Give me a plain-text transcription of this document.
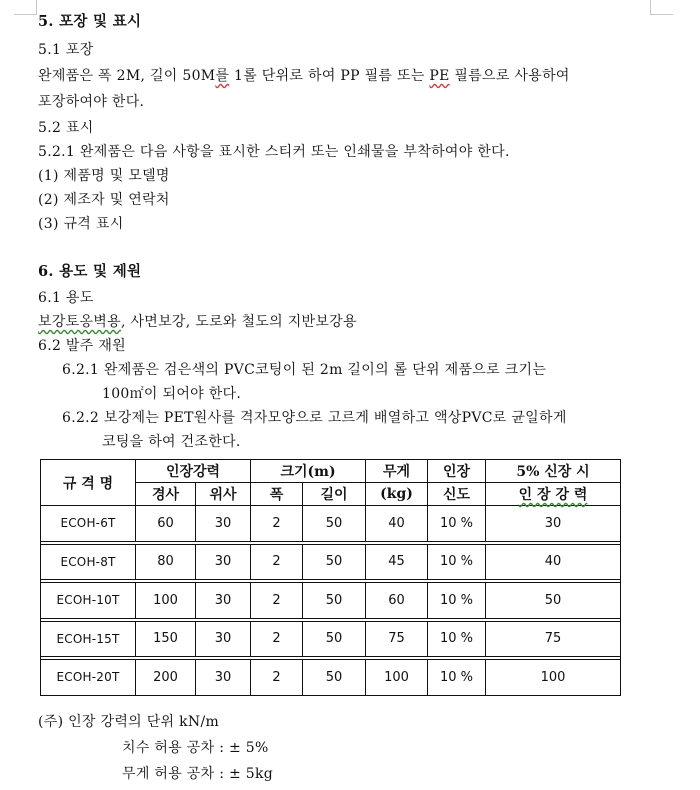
5. 포장 및 표시
5.1 포장
완제품은 폭 2M, 길이 50M를 1롤 단위로 하여 PP 필름 또는 PE 필름으로 사용하여
포장하여야 한다.
5.2 표시
5.2.1 완제품은 다음 사항을 표시한 스티커 또는 인쇄물을 부착하여야 한다.
(1) 제품명 및 모델명
(2) 제조자 및 연락처
(3) 규격 표시
6. 용도 및 제원
6.1 용도
보강토옹벽용, 사면보강, 도로와 철도의 지반보강용
6.2 발주 재원
6.2.1 완제품은 검은색의 PVC코팅이 된 2m 길이의 롤 단위 제품으로 크기는
100㎡이 되어야 한다.
6.2.2 보강제는 PET원사를 격자모양으로 고르게 배열하고 액상PVC로 균일하게
코팅을 하여 건조한다.
규 격 명	인장강력		크기(m)		무게	인장	5% 신장 시
	경사	위사	폭	길이	(kg)	신도	인 장 강 력
ECOH-6T	60	30	2	50	40	10 %	30

ECOH-8T	80	30	2	50	45	10 %	40

ECOH-10T	100	30	2	50	60	10 %	50

ECOH-15T	150	30	2	50	75	10 %	75

ECOH-20T	200	30	2	50	100	10 %	100
(주) 인장 강력의 단위 kN/m
치수 허용 공차 : ± 5%
무게 허용 공차 : ± 5kg
